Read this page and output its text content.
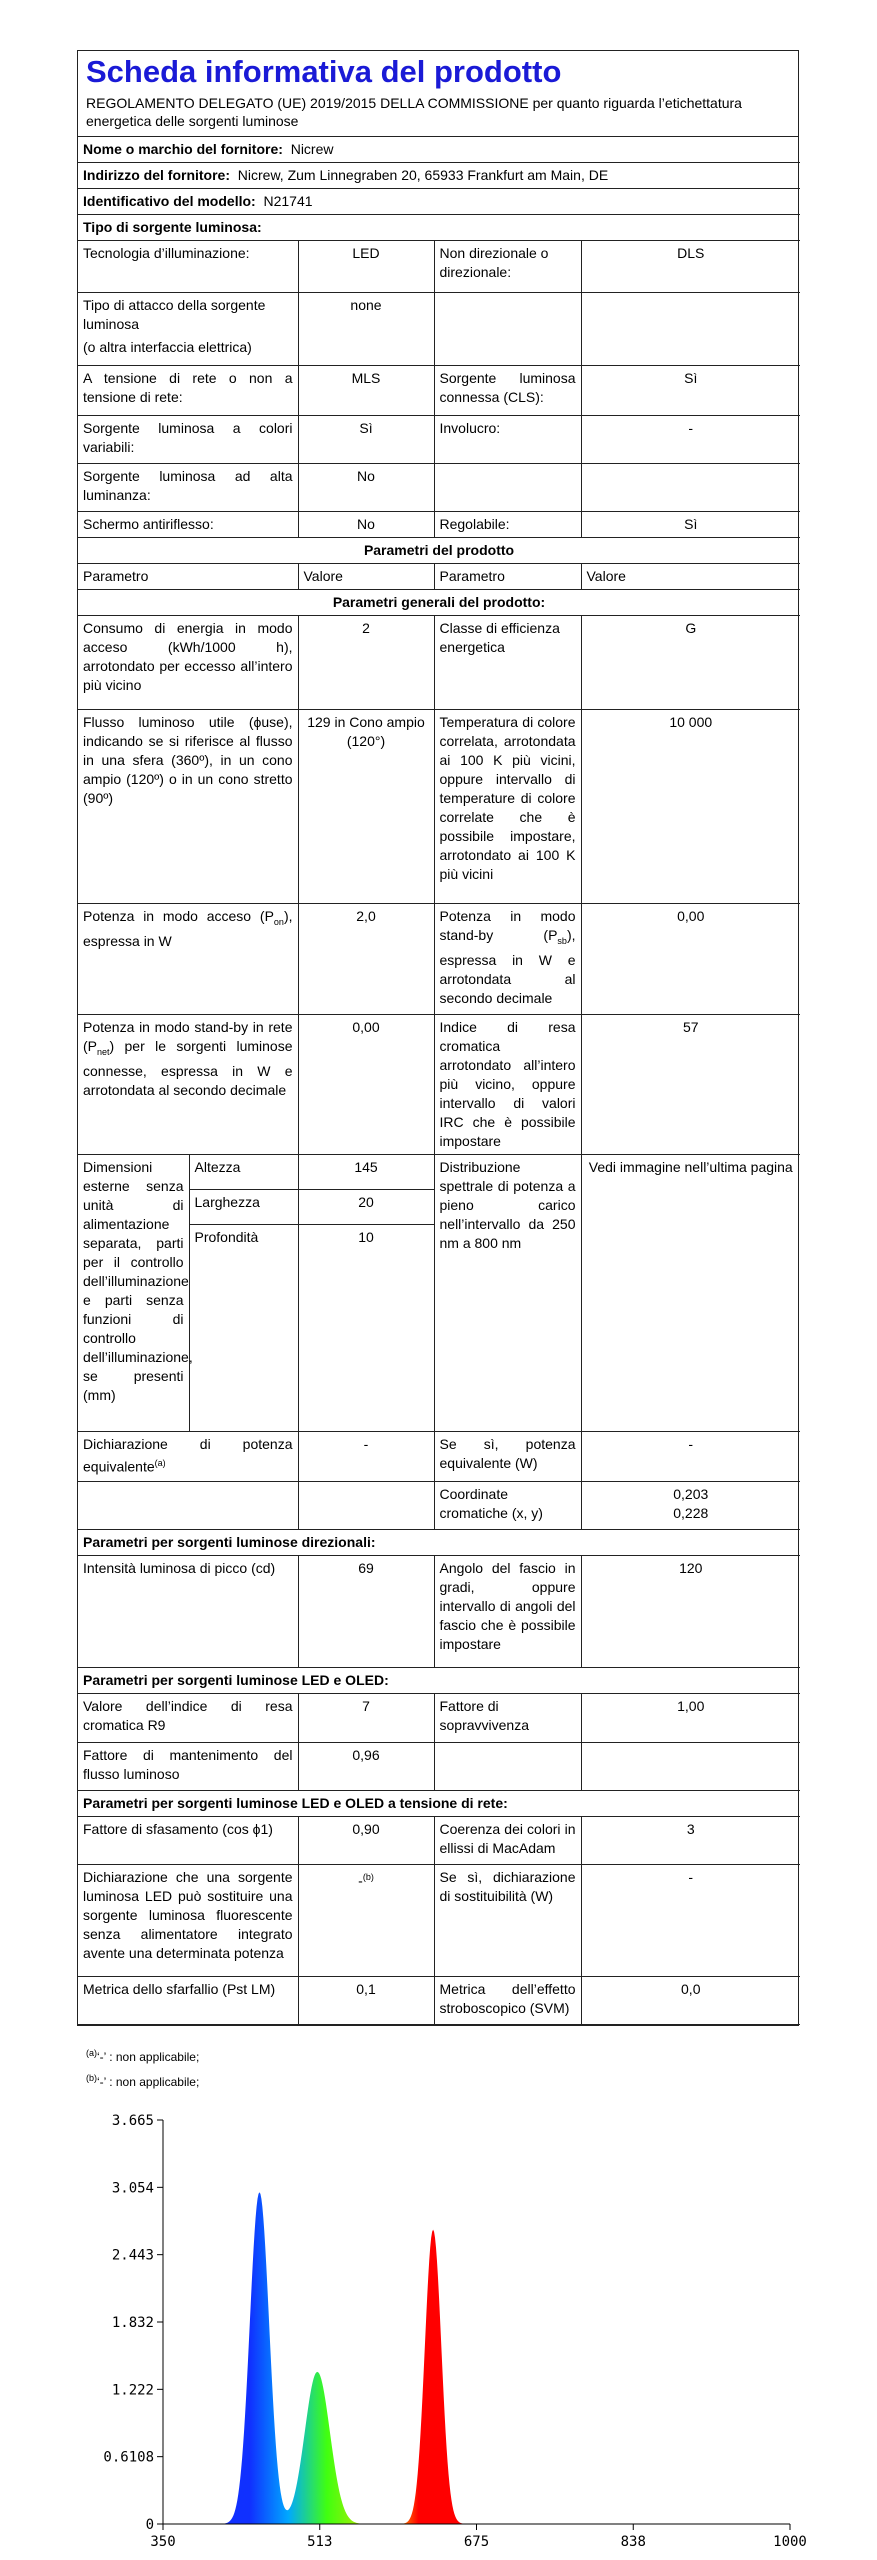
Scheda informativa del prodotto
REGOLAMENTO DELEGATO (UE) 2019/2015 DELLA COMMISSIONE per quanto riguarda l’etichettatura energetica delle sorgenti luminose
Nome o marchio del fornitore: Nicrew				
Indirizzo del fornitore: Nicrew, Zum Linnegraben 20, 65933 Frankfurt am Main, DE				
Identificativo del modello: N21741				
Tipo di sorgente luminosa:				
Tecnologia d’illuminazione:		LED	Non direzionale o direzionale:	DLS

Tipo di attacco della sorgente luminosa
(o altra interfaccia elettrica)		none		
A tensione di rete o non a tensione di rete:		MLS	Sorgente luminosa connessa (CLS):	Sì
Sorgente luminosa a colori variabili:		Sì	Involucro:	-
Sorgente luminosa ad alta luminanza:		No		
Schermo antiriflesso:		No	Regolabile:	Sì
Parametri del prodotto				
Parametro		Valore	Parametro	Valore
Parametri generali del prodotto:				
Consumo di energia in modo acceso (kWh/1000 h), arrotondato per eccesso all’intero più vicino		2	Classe di efficienza energetica	G
Flusso luminoso utile (ϕuse), indicando se si riferisce al flusso in una sfera (360º), in un cono ampio (120º) o in un cono stretto (90º)		129 in Cono ampio (120°)	Temperatura di colore correlata, arrotondata ai 100 K più vicini, oppure intervallo di temperature di colore correlate che è possibile impostare, arrotondato ai 100 K più vicini	10 000
Potenza in modo acceso $(P_{on})$, espressa in W		2,0	Potenza in modo stand-by $(P_{sb})$, espressa in W e arrotondata al secondo decimale	0,00
Potenza in modo stand-by in rete $(P_{net})$ per le sorgenti luminose connesse, espressa in W e arrotondata al secondo decimale		0,00	Indice di resa cromatica arrotondato all’intero più vicino, oppure intervallo di valori IRC che è possibile impostare	57
Dimensioni esterne senza unità di alimentazione separata, parti per il controllo dell’illuminazione e parti senza funzioni di controllo dell’illuminazione, se presenti (mm)	Altezza	145	Distribuzione spettrale di potenza a pieno carico nell’intervallo da 250 nm a 800 nm	Vedi immagine nell’ultima pagina
	Larghezza	20		
	Profondità	10		
Dichiarazione di potenza equivalente$^{(a)}$		-	Se sì, potenza equivalente (W)	-
			Coordinate cromatiche (x, y)	0,203
0,228

Parametri per sorgenti luminose direzionali:				
Intensità luminosa di picco (cd)		69	Angolo del fascio in gradi, oppure intervallo di angoli del fascio che è possibile impostare	120
Parametri per sorgenti luminose LED e OLED:				
Valore dell’indice di resa cromatica R9		7	Fattore di sopravvivenza	1,00
Fattore di mantenimento del flusso luminoso		0,96		
Parametri per sorgenti luminose LED e OLED a tensione di rete:				
Fattore di sfasamento (cos ϕ1)		0,90	Coerenza dei colori in ellissi di MacAdam	3
Dichiarazione che una sorgente luminosa LED può sostituire una sorgente luminosa fluorescente senza alimentatore integrato avente una determinata potenza		-$^{(b)}$	Se sì, dichiarazione di sostituibilità (W)	-
Metrica dello sfarfallio (Pst LM)		0,1	Metrica dell’effetto stroboscopico (SVM)	0,0
$^{(a)}$‘-’ : non applicabile;
$^{(b)}$‘-’ : non applicabile;
0
0.6108
1.222
1.832
2.443
3.054
3.665
350	513	675	838	1000
